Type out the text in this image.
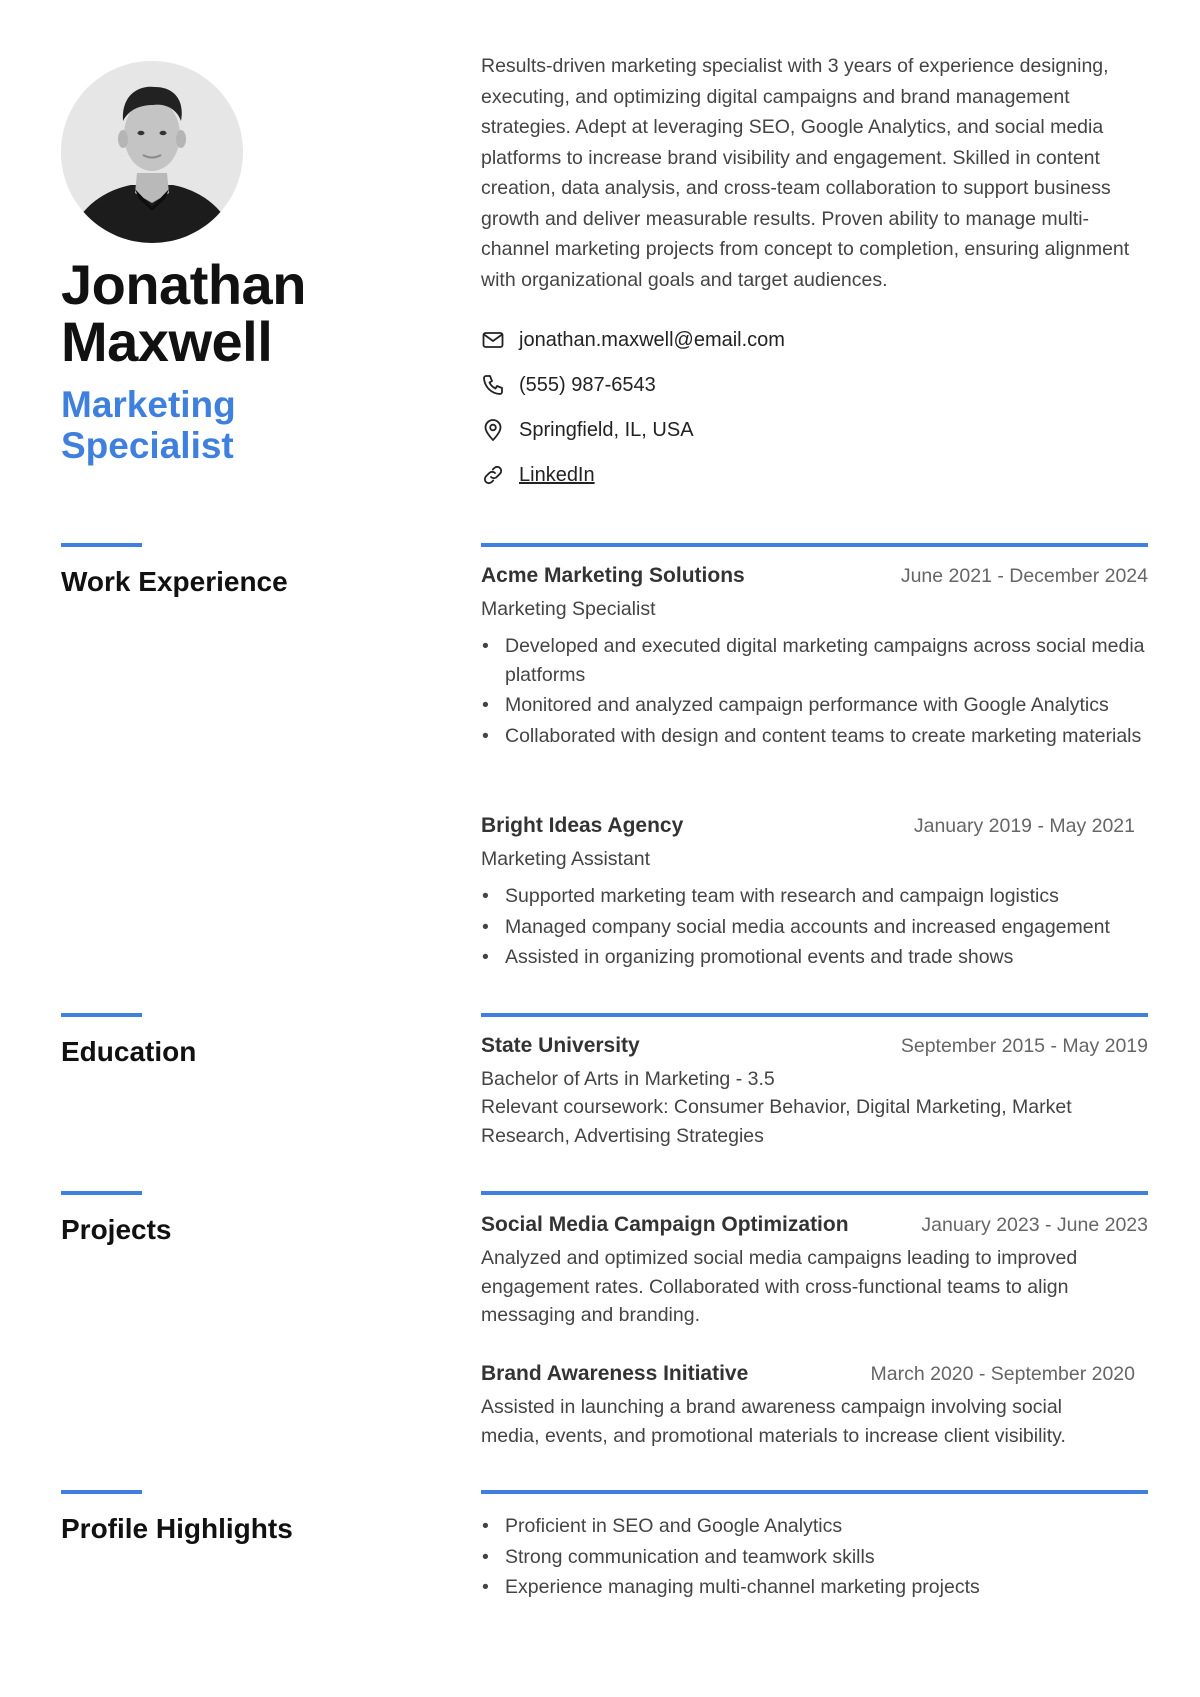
Jonathan
Maxwell
Marketing
Specialist

Results-driven marketing specialist with 3 years of experience designing, executing, and optimizing digital campaigns and brand management strategies. Adept at leveraging SEO, Google Analytics, and social media platforms to increase brand visibility and engagement. Skilled in content creation, data analysis, and cross-team collaboration to support business growth and deliver measurable results. Proven ability to manage multi-channel marketing projects from concept to completion, ensuring alignment with organizational goals and target audiences.

jonathan.maxwell@email.com
(555) 987-6543
Springfield, IL, USA
LinkedIn
Work Experience	Acme Marketing Solutions	June 2021 - December 2024

Marketing Specialist

• Developed and executed digital marketing campaigns across social media platforms
• Monitored and analyzed campaign performance with Google Analytics
• Collaborated with design and content teams to create marketing materials
Bright Ideas Agency	January 2019 - May 2021

Marketing Assistant

• Supported marketing team with research and campaign logistics
• Managed company social media accounts and increased engagement
• Assisted in organizing promotional events and trade shows
Education	State University	September 2015 - May 2019

Bachelor of Arts in Marketing - 3.5

Relevant coursework: Consumer Behavior, Digital Marketing, Market Research, Advertising Strategies

Projects	Social Media Campaign Optimization	January 2023 - June 2023

Analyzed and optimized social media campaigns leading to improved engagement rates. Collaborated with cross-functional teams to align messaging and branding.

Brand Awareness Initiative	March 2020 - September 2020

Assisted in launching a brand awareness campaign involving social media, events, and promotional materials to increase client visibility.

Profile Highlights
•	Proficient in SEO and Google Analytics
• Strong communication and teamwork skills
• Experience managing multi-channel marketing projects
